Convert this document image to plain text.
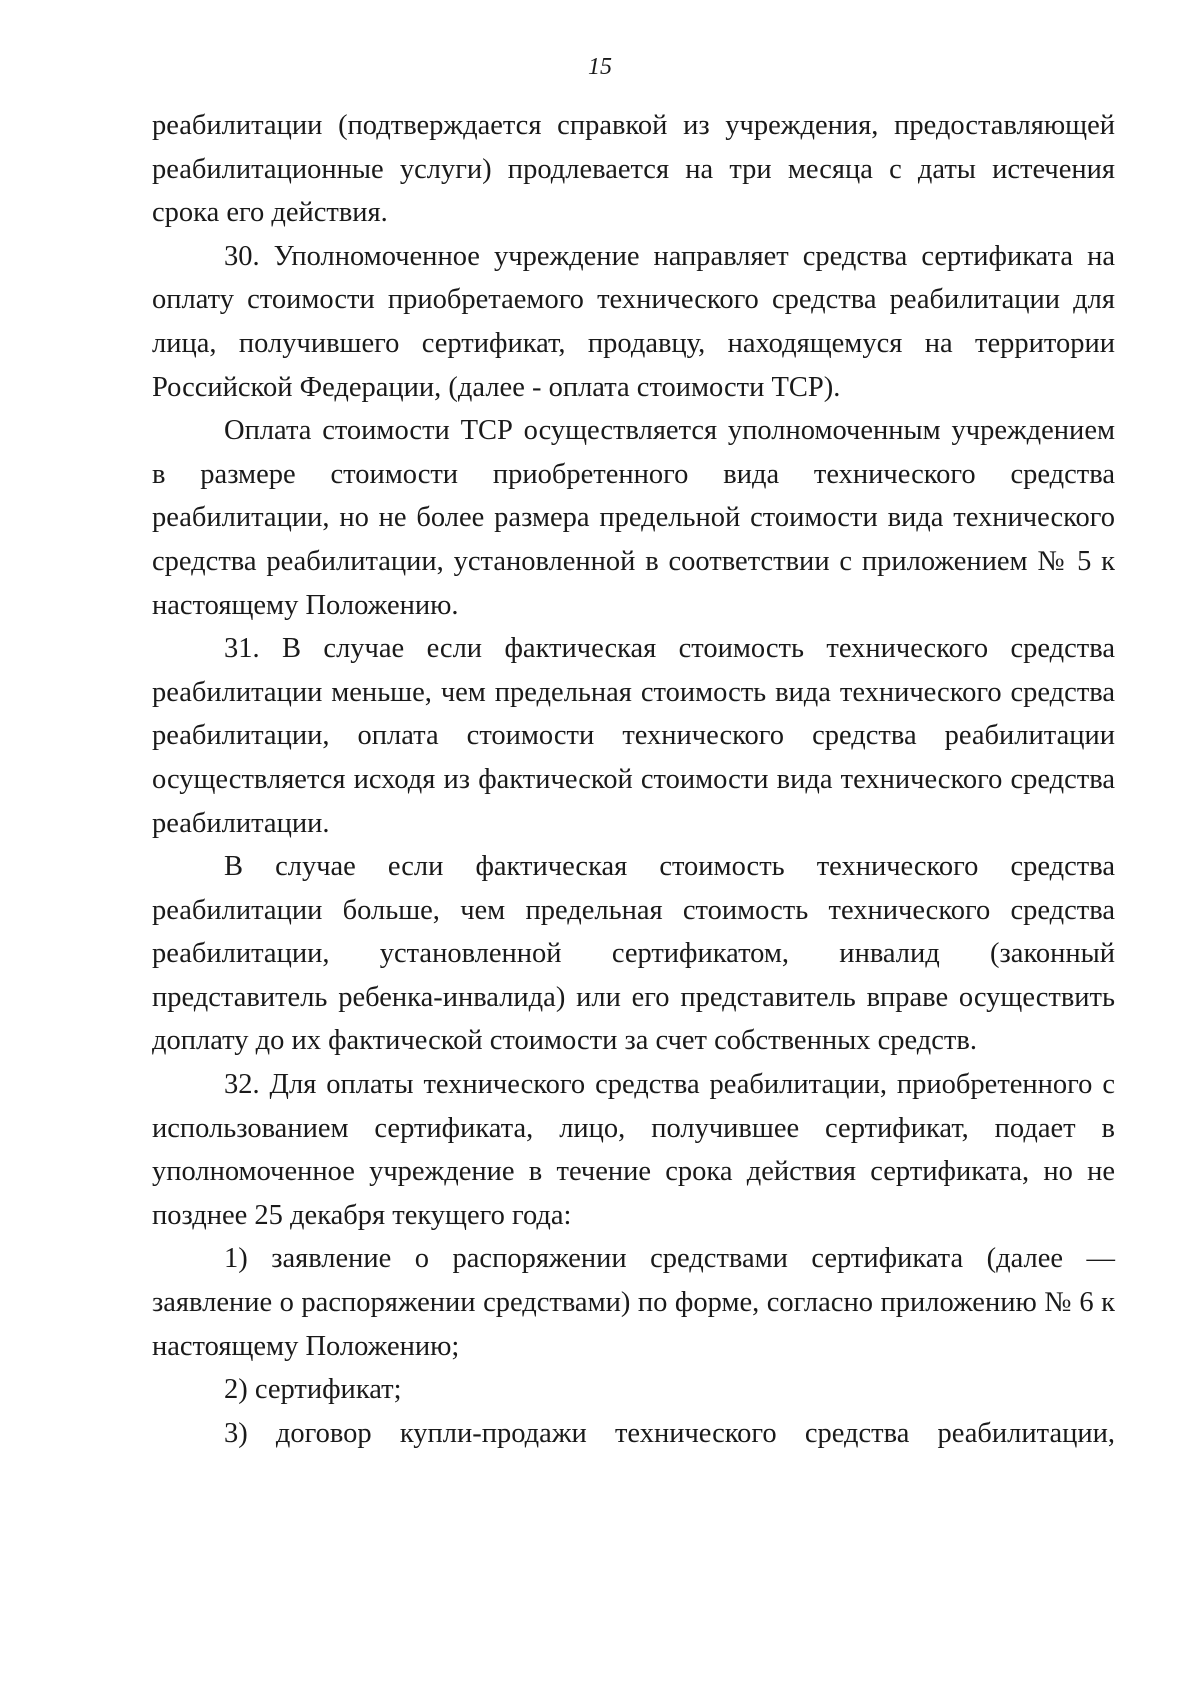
15

реабилитации (подтверждается справкой из учреждения, предоставляющей реабилитационные услуги) продлевается на три месяца с даты истечения срока его действия.

30. Уполномоченное учреждение направляет средства сертификата на оплату стоимости приобретаемого технического средства реабилитации для лица, получившего сертификат, продавцу, находящемуся на территории Российской Федерации, (далее - оплата стоимости ТСР).

Оплата стоимости ТСР осуществляется уполномоченным учреждением в размере стоимости приобретенного вида технического средства реабилитации, но не более размера предельной стоимости вида технического средства реабилитации, установленной в соответствии с приложением № 5 к настоящему Положению.

31. В случае если фактическая стоимость технического средства реабилитации меньше, чем предельная стоимость вида технического средства реабилитации, оплата стоимости технического средства реабилитации осуществляется исходя из фактической стоимости вида технического средства реабилитации.

В случае если фактическая стоимость технического средства реабилитации больше, чем предельная стоимость технического средства реабилитации, установленной сертификатом, инвалид (законный представитель ребенка-инвалида) или его представитель вправе осуществить доплату до их фактической стоимости за счет собственных средств.

32. Для оплаты технического средства реабилитации, приобретенного с использованием сертификата, лицо, получившее сертификат, подает в уполномоченное учреждение в течение срока действия сертификата, но не позднее 25 декабря текущего года:

1) заявление о распоряжении средствами сертификата (далее — заявление о распоряжении средствами) по форме, согласно приложению № 6 к настоящему Положению;

2) сертификат;

3) договор купли-продажи технического средства реабилитации,
